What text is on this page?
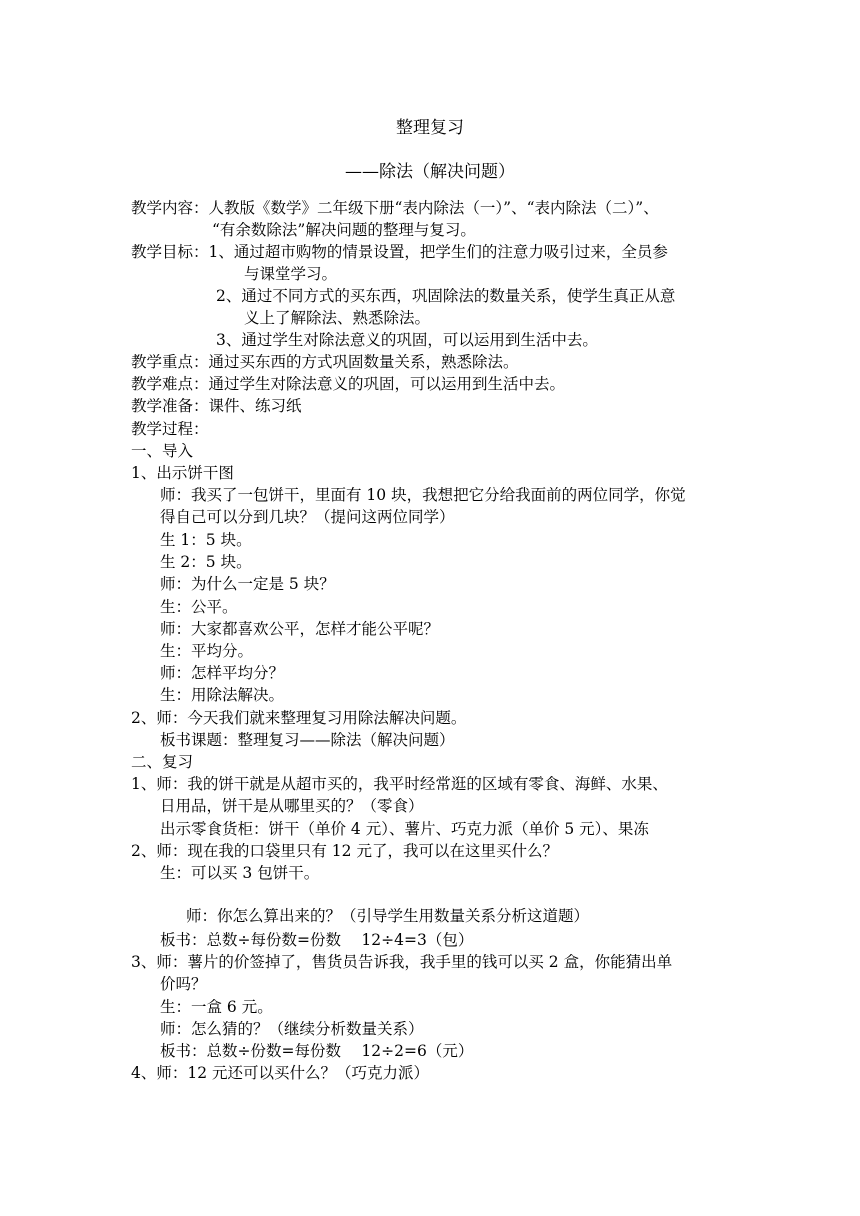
整理复习
——除法（解决问题）
教学内容：人教版《数学》二年级下册“表内除法（一）”、“表内除法（二）”、
“有余数除法”解决问题的整理与复习。
教学目标：1、通过超市购物的情景设置，把学生们的注意力吸引过来，全员参
与课堂学习。
2、通过不同方式的买东西，巩固除法的数量关系，使学生真正从意
义上了解除法、熟悉除法。
3、通过学生对除法意义的巩固，可以运用到生活中去。
教学重点：通过买东西的方式巩固数量关系，熟悉除法。
教学难点：通过学生对除法意义的巩固，可以运用到生活中去。
教学准备：课件、练习纸
教学过程：
一、导入
1、出示饼干图
师：我买了一包饼干，里面有 10 块，我想把它分给我面前的两位同学，你觉
得自己可以分到几块？（提问这两位同学）
生 1：5 块。
生 2：5 块。
师：为什么一定是 5 块？
生：公平。
师：大家都喜欢公平，怎样才能公平呢？
生：平均分。
师：怎样平均分？
生：用除法解决。
2、师：今天我们就来整理复习用除法解决问题。
板书课题：整理复习——除法（解决问题）
二、复习
1、师：我的饼干就是从超市买的，我平时经常逛的区域有零食、海鲜、水果、
日用品，饼干是从哪里买的？（零食）
出示零食货柜：饼干（单价 4 元）、薯片、巧克力派（单价 5 元）、果冻
2、师：现在我的口袋里只有 12 元了，我可以在这里买什么？
生：可以买 3 包饼干。
师：你怎么算出来的？（引导学生用数量关系分析这道题）
板书：总数÷每份数=份数　 12÷4=3（包）
3、师：薯片的价签掉了，售货员告诉我，我手里的钱可以买 2 盒，你能猜出单
价吗？
生：一盒 6 元。
师：怎么猜的？（继续分析数量关系）
板书：总数÷份数=每份数　 12÷2=6（元）
4、师：12 元还可以买什么？（巧克力派）
